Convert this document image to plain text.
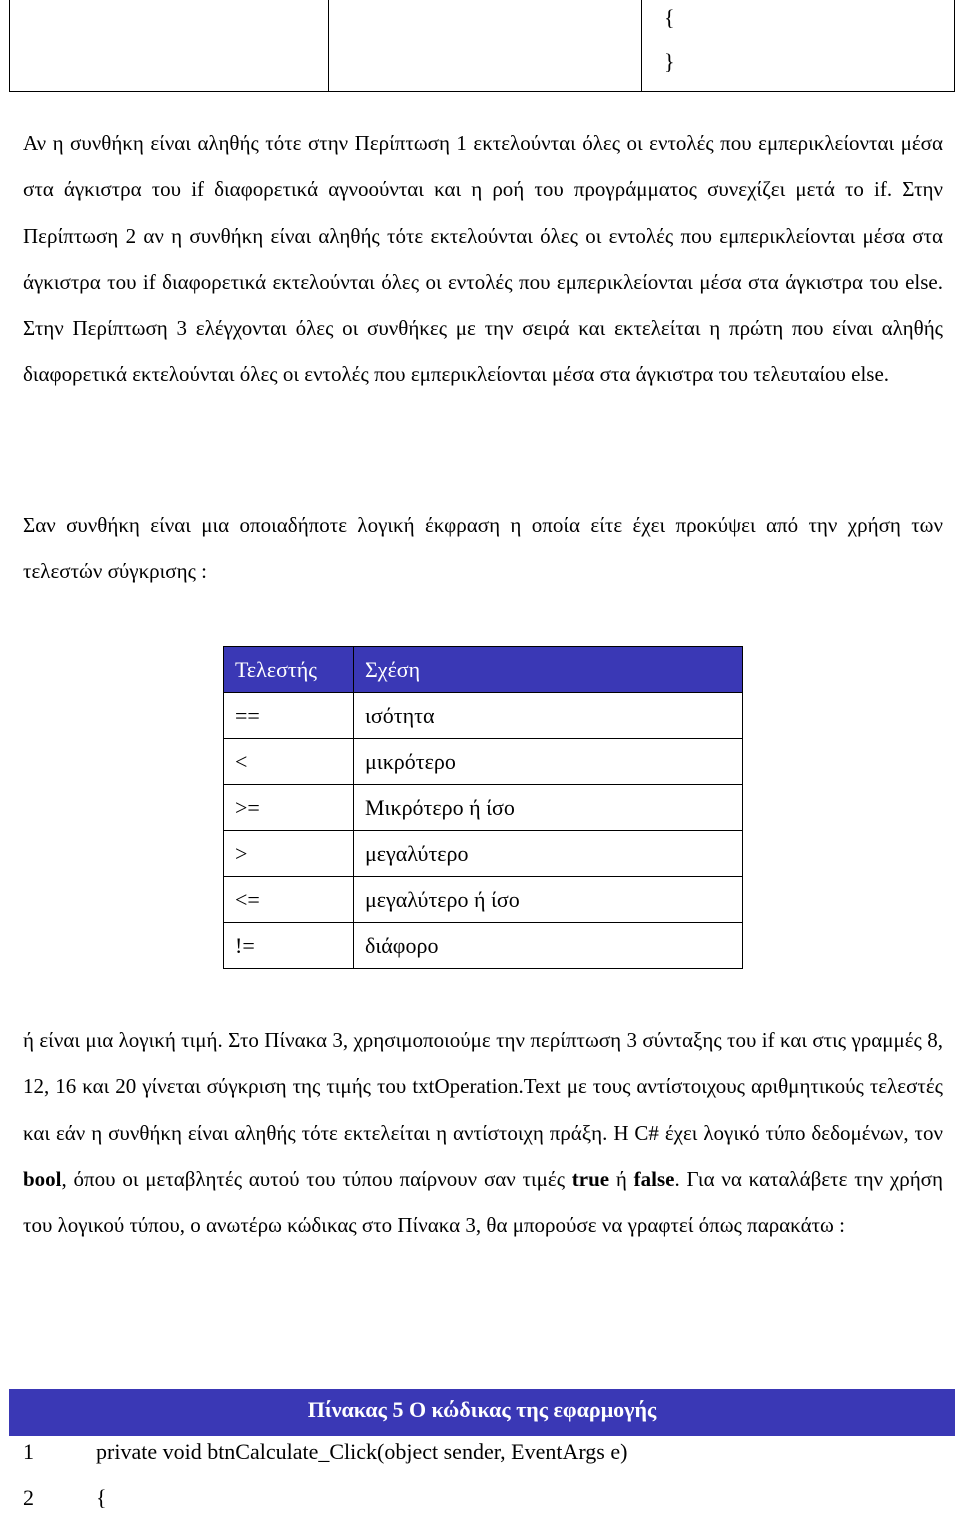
{
}

Αν η συνθήκη είναι αληθής τότε στην Περίπτωση 1 εκτελούνται όλες οι εντολές που εμπερικλείονται μέσα στα άγκιστρα του if διαφορετικά αγνοούνται και η ροή του προγράμματος συνεχίζει μετά το if. Στην Περίπτωση 2 αν η συνθήκη είναι αληθής τότε εκτελούνται όλες οι εντολές που εμπερικλείονται μέσα στα άγκιστρα του if διαφορετικά εκτελούνται όλες οι εντολές που εμπερικλείονται μέσα στα άγκιστρα του else. Στην Περίπτωση 3 ελέγχονται όλες οι συνθήκες με την σειρά και εκτελείται η πρώτη που είναι αληθής διαφορετικά εκτελούνται όλες οι εντολές που εμπερικλείονται μέσα στα άγκιστρα του τελευταίου else.

Σαν συνθήκη είναι μια οποιαδήποτε λογική έκφραση η οποία είτε έχει προκύψει από την χρήση των τελεστών σύγκρισης :

Τελεστής	Σχέση
==	ισότητα
<	μικρότερο
>=	Μικρότερο ή ίσο
>	μεγαλύτερο
<=	μεγαλύτερο ή ίσο
!=	διάφορο

ή είναι μια λογική τιμή. Στο Πίνακα 3, χρησιμοποιούμε την περίπτωση 3 σύνταξης του if και στις γραμμές 8, 12, 16 και 20 γίνεται σύγκριση της τιμής του txtOperation.Text με τους αντίστοιχους αριθμητικούς τελεστές και εάν η συνθήκη είναι αληθής τότε εκτελείται η αντίστοιχη πράξη. Η C# έχει λογικό τύπο δεδομένων, τον bool, όπου οι μεταβλητές αυτού του τύπου παίρνουν σαν τιμές true ή false. Για να καταλάβετε την χρήση του λογικού τύπου, ο ανωτέρω κώδικας στο Πίνακα 3, θα μπορούσε να γραφτεί όπως παρακάτω :

Πίνακας 5 Ο κώδικας της εφαρμογής
1	private void btnCalculate_Click(object sender, EventArgs e)
2	{
